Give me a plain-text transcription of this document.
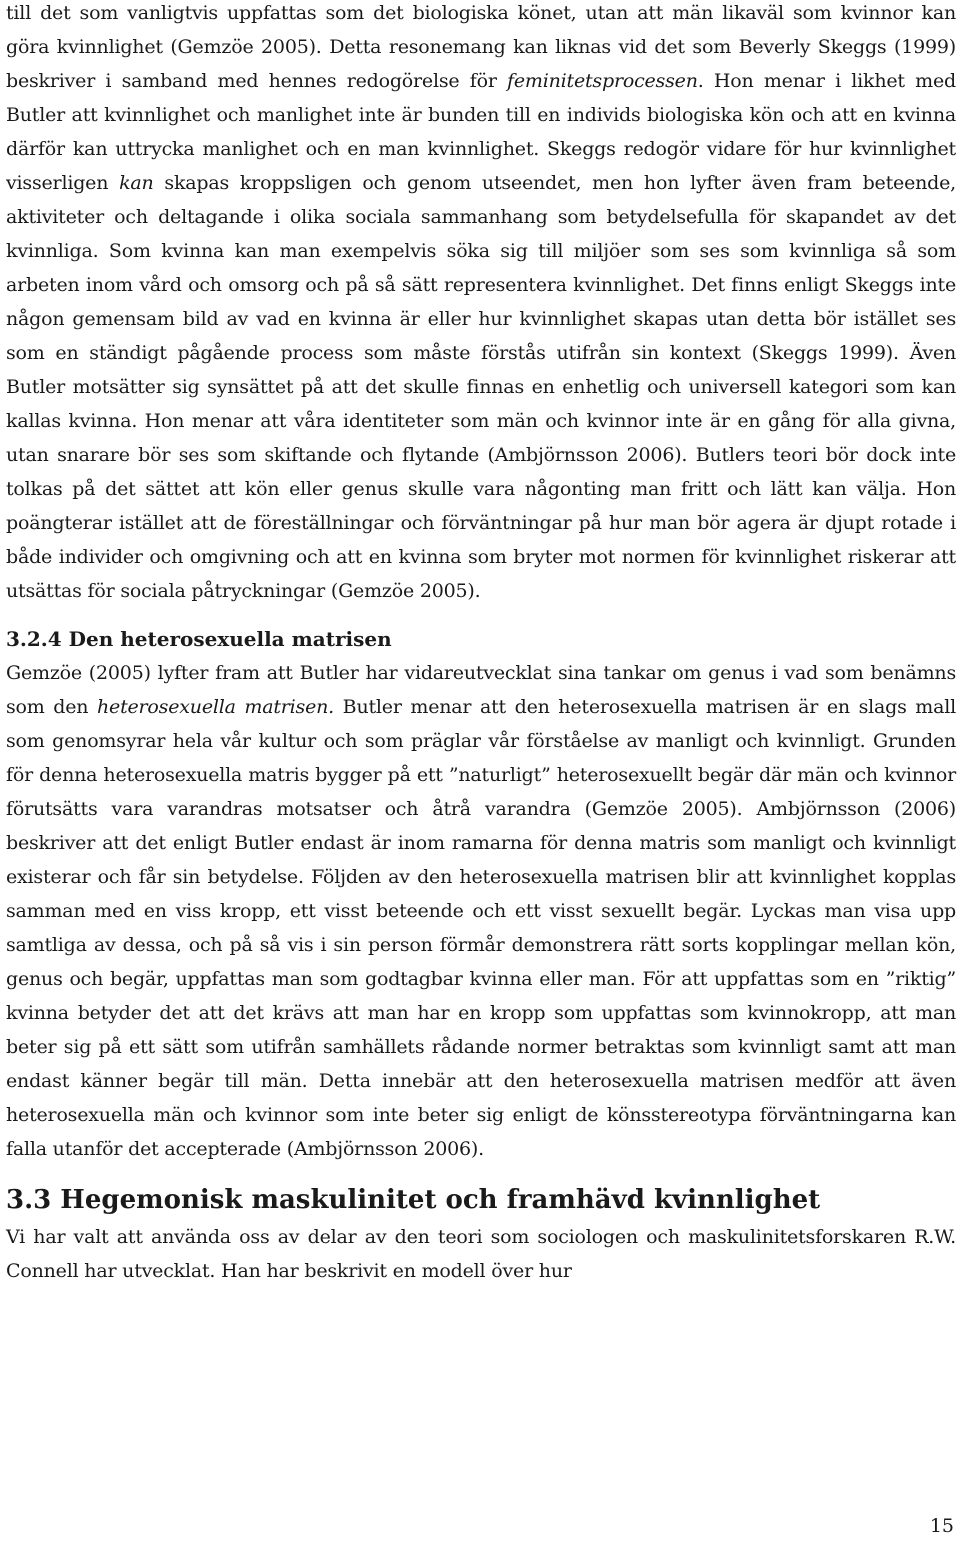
till det som vanligtvis uppfattas som det biologiska könet, utan att män likaväl som kvinnor kan göra kvinnlighet (Gemzöe 2005). Detta resonemang kan liknas vid det som Beverly Skeggs (1999) beskriver i samband med hennes redogörelse för feminitetsprocessen. Hon menar i likhet med Butler att kvinnlighet och manlighet inte är bunden till en individs biologiska kön och att en kvinna därför kan uttrycka manlighet och en man kvinnlighet. Skeggs redogör vidare för hur kvinnlighet visserligen kan skapas kroppsligen och genom utseendet, men hon lyfter även fram beteende, aktiviteter och deltagande i olika sociala sammanhang som betydelsefulla för skapandet av det kvinnliga. Som kvinna kan man exempelvis söka sig till miljöer som ses som kvinnliga så som arbeten inom vård och omsorg och på så sätt representera kvinnlighet. Det finns enligt Skeggs inte någon gemensam bild av vad en kvinna är eller hur kvinnlighet skapas utan detta bör istället ses som en ständigt pågående process som måste förstås utifrån sin kontext (Skeggs 1999). Även Butler motsätter sig synsättet på att det skulle finnas en enhetlig och universell kategori som kan kallas kvinna. Hon menar att våra identiteter som män och kvinnor inte är en gång för alla givna, utan snarare bör ses som skiftande och flytande (Ambjörnsson 2006). Butlers teori bör dock inte tolkas på det sättet att kön eller genus skulle vara någonting man fritt och lätt kan välja. Hon poängterar istället att de föreställningar och förväntningar på hur man bör agera är djupt rotade i både individer och omgivning och att en kvinna som bryter mot normen för kvinnlighet riskerar att utsättas för sociala påtryckningar (Gemzöe 2005).

3.2.4 Den heterosexuella matrisen

Gemzöe (2005) lyfter fram att Butler har vidareutvecklat sina tankar om genus i vad som benämns som den heterosexuella matrisen. Butler menar att den heterosexuella matrisen är en slags mall som genomsyrar hela vår kultur och som präglar vår förståelse av manligt och kvinnligt. Grunden för denna heterosexuella matris bygger på ett ”naturligt” heterosexuellt begär där män och kvinnor förutsätts vara varandras motsatser och åtrå varandra (Gemzöe 2005). Ambjörnsson (2006) beskriver att det enligt Butler endast är inom ramarna för denna matris som manligt och kvinnligt existerar och får sin betydelse. Följden av den heterosexuella matrisen blir att kvinnlighet kopplas samman med en viss kropp, ett visst beteende och ett visst sexuellt begär. Lyckas man visa upp samtliga av dessa, och på så vis i sin person förmår demonstrera rätt sorts kopplingar mellan kön, genus och begär, uppfattas man som godtagbar kvinna eller man. För att uppfattas som en ”riktig” kvinna betyder det att det krävs att man har en kropp som uppfattas som kvinnokropp, att man beter sig på ett sätt som utifrån samhällets rådande normer betraktas som kvinnligt samt att man endast känner begär till män. Detta innebär att den heterosexuella matrisen medför att även heterosexuella män och kvinnor som inte beter sig enligt de könsstereotypa förväntningarna kan falla utanför det accepterade (Ambjörnsson 2006).

3.3 Hegemonisk maskulinitet och framhävd kvinnlighet

Vi har valt att använda oss av delar av den teori som sociologen och maskulinitetsforskaren R.W. Connell har utvecklat. Han har beskrivit en modell över hur

15
